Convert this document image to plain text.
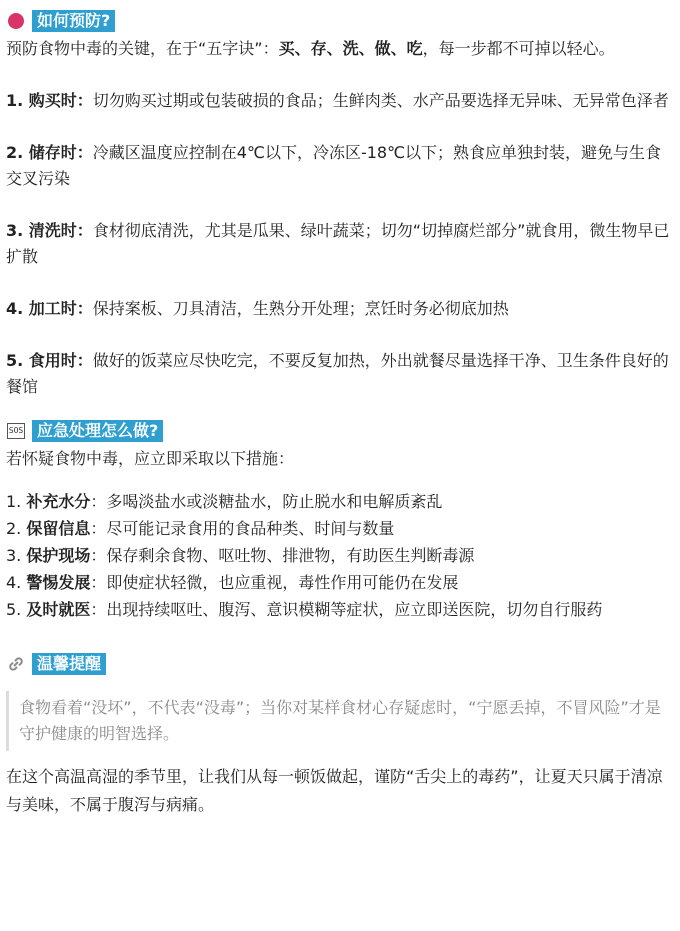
如何预防?

预防食物中毒的关键，在于“五字诀”：买、存、洗、做、吃，每一步都不可掉以轻心。

1. 购买时：切勿购买过期或包装破损的食品；生鲜肉类、水产品要选择无异味、无异常色泽者

2. 储存时：冷藏区温度应控制在4℃以下，冷冻区-18℃以下；熟食应单独封装，避免与生食交叉污染

3. 清洗时：食材彻底清洗，尤其是瓜果、绿叶蔬菜；切勿“切掉腐烂部分”就食用，微生物早已扩散

4. 加工时：保持案板、刀具清洁，生熟分开处理；烹饪时务必彻底加热

5. 食用时：做好的饭菜应尽快吃完，不要反复加热，外出就餐尽量选择干净、卫生条件良好的餐馆

SOS 应急处理怎么做?

若怀疑食物中毒，应立即采取以下措施：

1. 补充水分：多喝淡盐水或淡糖盐水，防止脱水和电解质紊乱
2. 保留信息：尽可能记录食用的食品种类、时间与数量
3. 保护现场：保存剩余食物、呕吐物、排泄物，有助医生判断毒源
4. 警惕发展：即使症状轻微，也应重视，毒性作用可能仍在发展
5. 及时就医：出现持续呕吐、腹泻、意识模糊等症状，应立即送医院，切勿自行服药
温馨提醒
食物看着“没坏”，不代表“没毒”；当你对某样食材心存疑虑时，“宁愿丢掉，不冒风险”才是守护健康的明智选择。

在这个高温高湿的季节里，让我们从每一顿饭做起，谨防“舌尖上的毒药”，让夏天只属于清凉与美味，不属于腹泻与病痛。
